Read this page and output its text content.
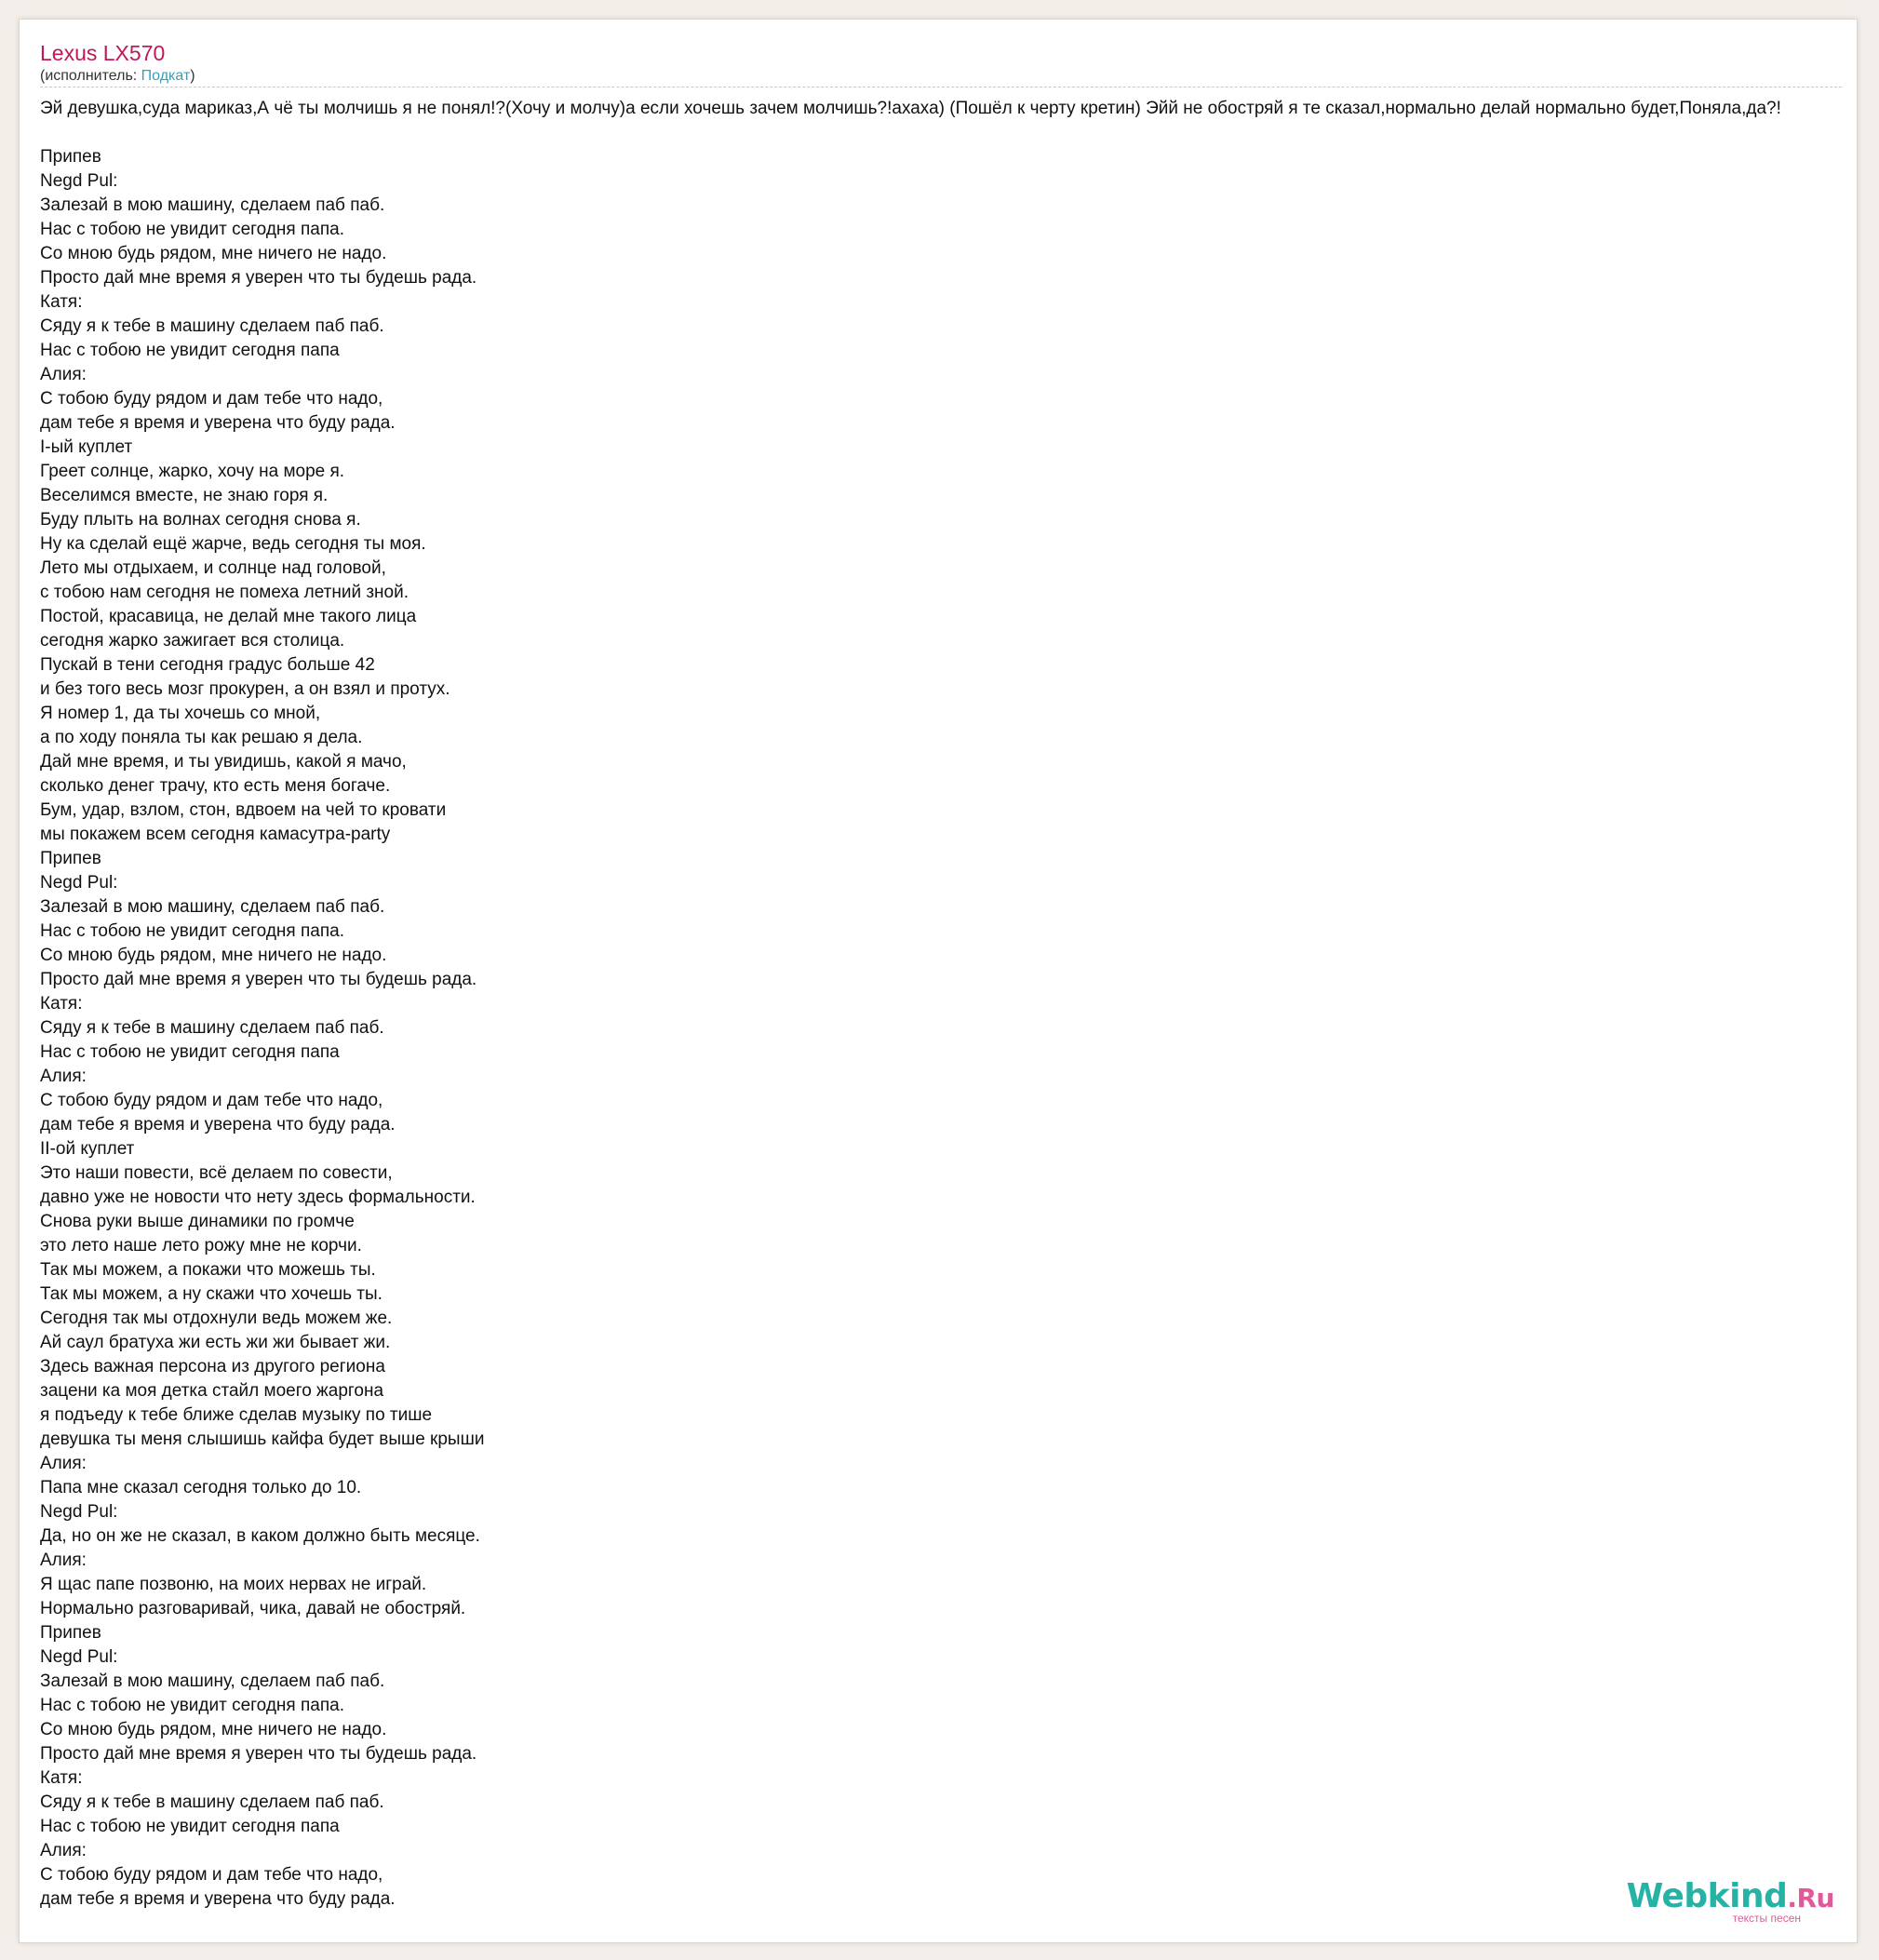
Lexus LX570
(исполнитель: Подкат)
Эй девушка,суда мариказ,А чё ты молчишь я не понял!?(Хочу и молчу)а если хочешь зачем молчишь?!ахаха) (Пошёл к черту кретин) Эйй не обостряй я те сказал,нормально делай нормально будет,Поняла,да?!
Припев
Negd Pul:
Залезай в мою машину, сделаем паб паб.
Нас с тобою не увидит сегодня папа.
Со мною будь рядом, мне ничего не надо.
Просто дай мне время я уверен что ты будешь рада.
Катя:
Сяду я к тебе в машину сделаем паб паб.
Нас с тобою не увидит сегодня папа
Алия:
С тобою буду рядом и дам тебе что надо,
дам тебе я время и уверена что буду рада.
I-ый куплет
Греет солнце, жарко, хочу на море я.
Веселимся вместе, не знаю горя я.
Буду плыть на волнах сегодня снова я.
Ну ка сделай ещё жарче, ведь сегодня ты моя.
Лето мы отдыхаем, и солнце над головой,
с тобою нам сегодня не помеха летний зной.
Постой, красавица, не делай мне такого лица
сегодня жарко зажигает вся столица.
Пускай в тени сегодня градус больше 42
и без того весь мозг прокурен, а он взял и протух.
Я номер 1, да ты хочешь со мной,
а по ходу поняла ты как решаю я дела.
Дай мне время, и ты увидишь, какой я мачо,
сколько денег трачу, кто есть меня богаче.
Бум, удар, взлом, стон, вдвоем на чей то кровати
мы покажем всем сегодня камасутра-party
Припев
Negd Pul:
Залезай в мою машину, сделаем паб паб.
Нас с тобою не увидит сегодня папа.
Со мною будь рядом, мне ничего не надо.
Просто дай мне время я уверен что ты будешь рада.
Катя:
Сяду я к тебе в машину сделаем паб паб.
Нас с тобою не увидит сегодня папа
Алия:
С тобою буду рядом и дам тебе что надо,
дам тебе я время и уверена что буду рада.
II-ой куплет
Это наши повести, всё делаем по совести,
давно уже не новости что нету здесь формальности.
Снова руки выше динамики по громче
это лето наше лето рожу мне не корчи.
Так мы можем, а покажи что можешь ты.
Так мы можем, а ну скажи что хочешь ты.
Сегодня так мы отдохнули ведь можем же.
Ай саул братуха жи есть жи жи бывает жи.
Здесь важная персона из другого региона
зацени ка моя детка стайл моего жаргона
я подъеду к тебе ближе сделав музыку по тише
девушка ты меня слышишь кайфа будет выше крыши
Алия:
Папа мне сказал сегодня только до 10.
Negd Pul:
Да, но он же не сказал, в каком должно быть месяце.
Алия:
Я щас папе позвоню, на моих нервах не играй.
Нормально разговаривай, чика, давай не обостряй.
Припев
Negd Pul:
Залезай в мою машину, сделаем паб паб.
Нас с тобою не увидит сегодня папа.
Со мною будь рядом, мне ничего не надо.
Просто дай мне время я уверен что ты будешь рада.
Катя:
Сяду я к тебе в машину сделаем паб паб.
Нас с тобою не увидит сегодня папа
Алия:
С тобою буду рядом и дам тебе что надо,
дам тебе я время и уверена что буду рада.	Webkind.Ru
тексты песен
